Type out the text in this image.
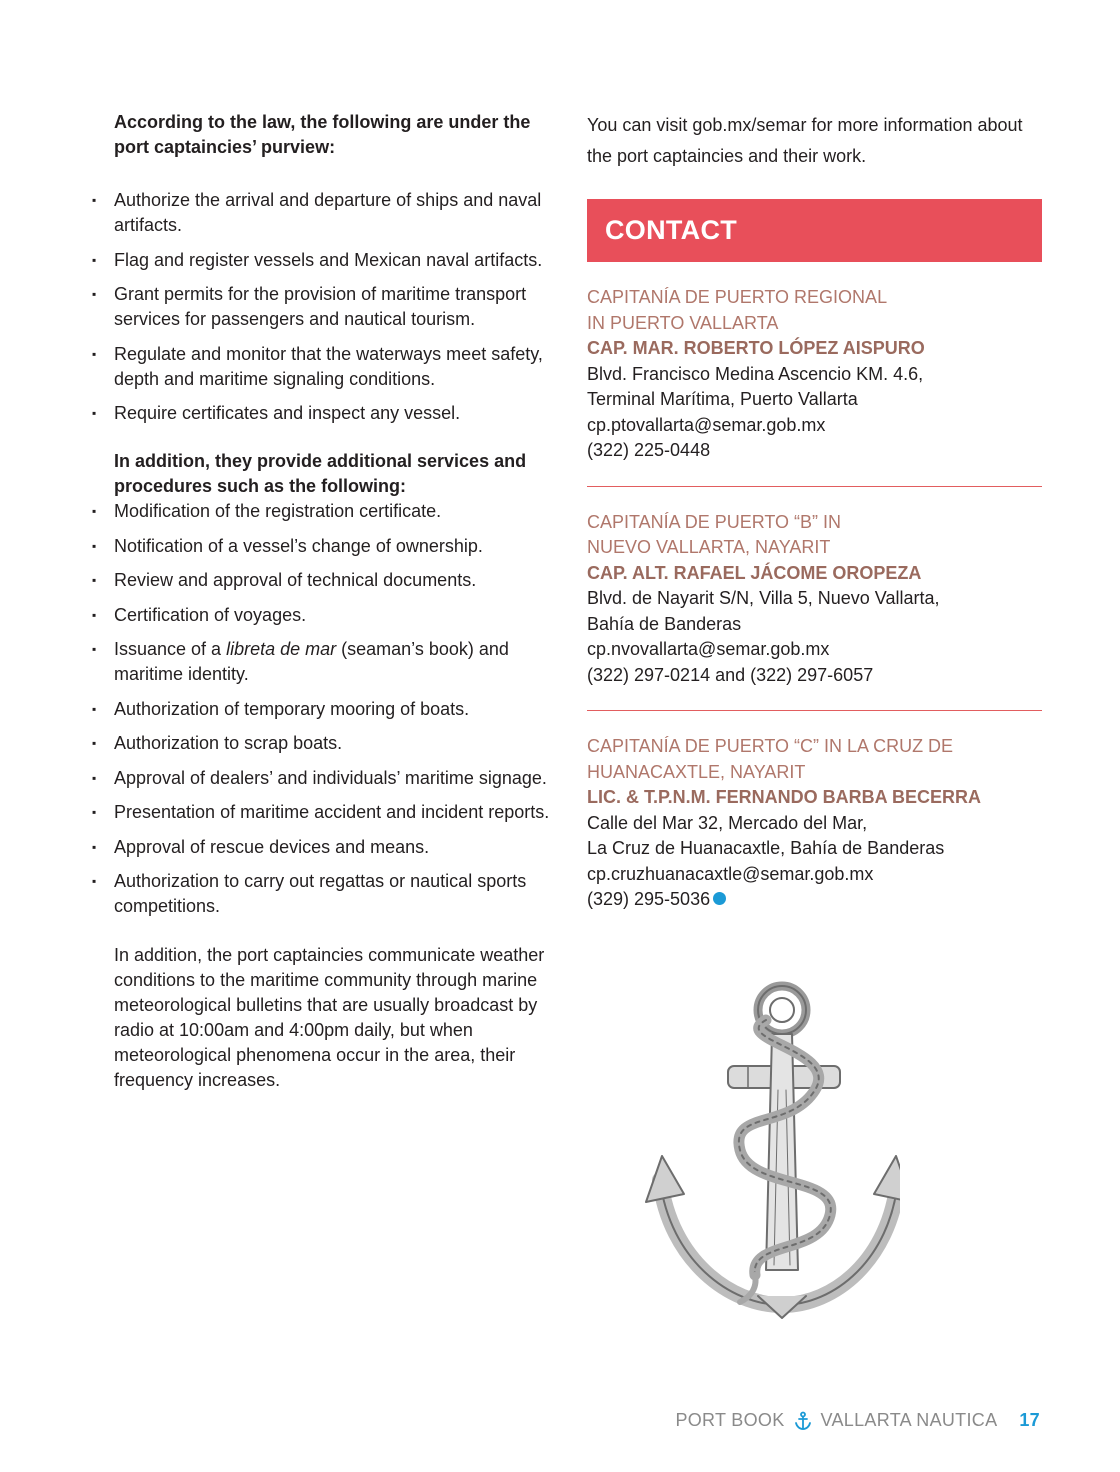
According to the law, the following are under the port captaincies’ purview:

▪ Authorize the arrival and departure of ships and naval artifacts.
▪ Flag and register vessels and Mexican naval artifacts.
▪ Grant permits for the provision of maritime transport services for passengers and nautical tourism.
▪ Regulate and monitor that the waterways meet safety, depth and maritime signaling conditions.
▪ Require certificates and inspect any vessel.

In addition, they provide additional services and procedures such as the following:

▪ Modification of the registration certificate.
▪ Notification of a vessel’s change of ownership.
▪ Review and approval of technical documents.
▪ Certification of voyages.
▪ Issuance of a libreta de mar (seaman’s book) and maritime identity.
▪ Authorization of temporary mooring of boats.
▪ Authorization to scrap boats.
▪ Approval of dealers’ and individuals’ maritime signage.
▪ Presentation of maritime accident and incident reports.
▪ Approval of rescue devices and means.
▪ Authorization to carry out regattas or nautical sports competitions.

In addition, the port captaincies communicate weather conditions to the maritime community through marine meteorological bulletins that are usually broadcast by radio at 10:00am and 4:00pm daily, but when meteorological phenomena occur in the area, their frequency increases.

You can visit gob.mx/semar for more information about the port captaincies and their work.

CONTACT
CAPITANÍA DE PUERTO REGIONAL
IN PUERTO VALLARTA
CAP. MAR. ROBERTO LÓPEZ AISPURO
Blvd. Francisco Medina Ascencio KM. 4.6,
Terminal Marítima, Puerto Vallarta
cp.ptovallarta@semar.gob.mx
(322) 225-0448
CAPITANÍA DE PUERTO “B” IN
NUEVO VALLARTA, NAYARIT
CAP. ALT. RAFAEL JÁCOME OROPEZA
Blvd. de Nayarit S/N, Villa 5, Nuevo Vallarta,
Bahía de Banderas
cp.nvovallarta@semar.gob.mx
(322) 297-0214 and (322) 297-6057
CAPITANÍA DE PUERTO “C” IN LA CRUZ DE
HUANACAXTLE, NAYARIT
LIC. & T.P.N.M. FERNANDO BARBA BECERRA
Calle del Mar 32, Mercado del Mar,
La Cruz de Huanacaxtle, Bahía de Banderas
cp.cruzhuanacaxtle@semar.gob.mx
(329) 295-5036
PORT BOOK VALLARTA NAUTICA 17
